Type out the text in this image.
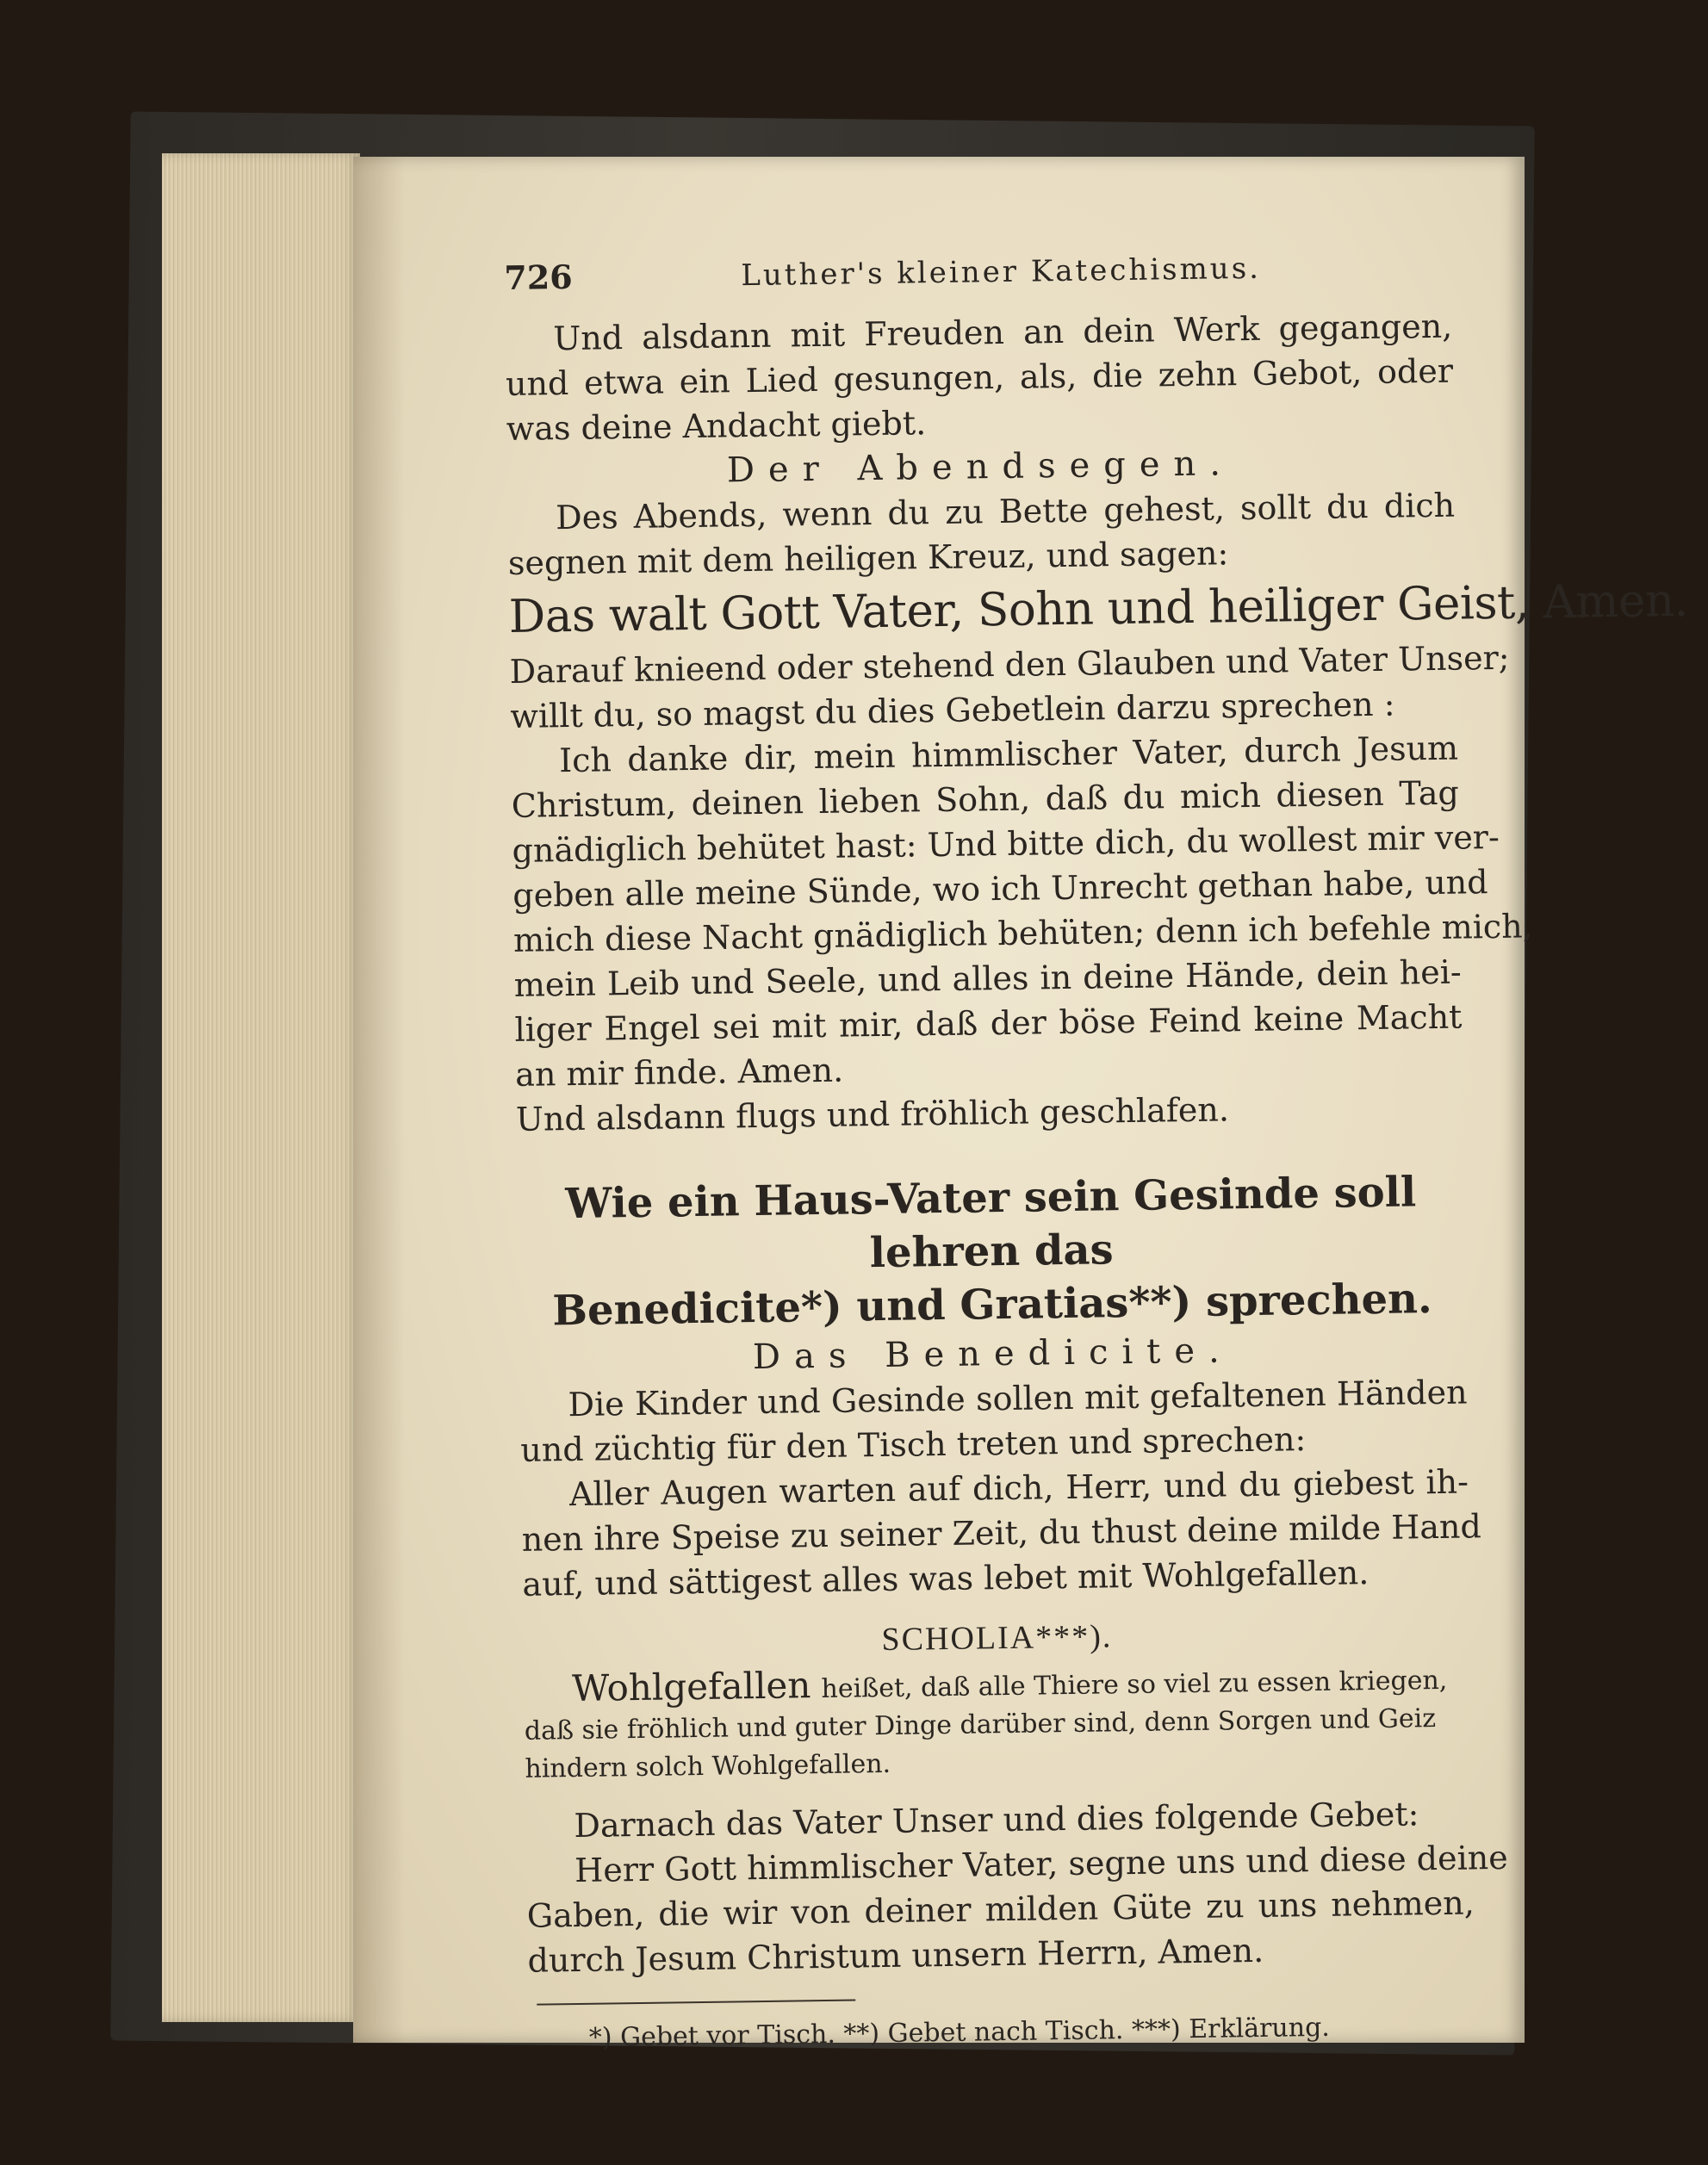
726	Luther's kleiner Katechismus.
Und alsdann mit Freuden an dein Werk gegangen,
und etwa ein Lied gesungen, als, die zehn Gebot, oder
was deine Andacht giebt.
Der Abendsegen.
Des Abends, wenn du zu Bette gehest, sollt du dich
segnen mit dem heiligen Kreuz, und sagen:
Das walt Gott Vater, Sohn und heiliger Geist, Amen.
Darauf knieend oder stehend den Glauben und Vater Unser;
willt du, so magst du dies Gebetlein darzu sprechen :
Ich danke dir, mein himmlischer Vater, durch Jesum
Christum, deinen lieben Sohn, daß du mich diesen Tag
gnädiglich behütet hast: Und bitte dich, du wollest mir ver-
geben alle meine Sünde, wo ich Unrecht gethan habe, und
mich diese Nacht gnädiglich behüten; denn ich befehle mich,
mein Leib und Seele, und alles in deine Hände, dein hei-
liger Engel sei mit mir, daß der böse Feind keine Macht
an mir finde. Amen.
Und alsdann flugs und fröhlich geschlafen.
Wie ein Haus-Vater sein Gesinde soll lehren das
Benedicite*) und Gratias**) sprechen.
Das Benedicite.
Die Kinder und Gesinde sollen mit gefaltenen Händen
und züchtig für den Tisch treten und sprechen:
Aller Augen warten auf dich, Herr, und du giebest ih-
nen ihre Speise zu seiner Zeit, du thust deine milde Hand
auf, und sättigest alles was lebet mit Wohlgefallen.
SCHOLIA***).
Wohlgefallen heißet, daß alle Thiere so viel zu essen kriegen,
daß sie fröhlich und guter Dinge darüber sind, denn Sorgen und Geiz
hindern solch Wohlgefallen.
Darnach das Vater Unser und dies folgende Gebet:
Herr Gott himmlischer Vater, segne uns und diese deine
Gaben, die wir von deiner milden Güte zu uns nehmen,
durch Jesum Christum unsern Herrn, Amen.
*) Gebet vor Tisch. **) Gebet nach Tisch. ***) Erklärung.
